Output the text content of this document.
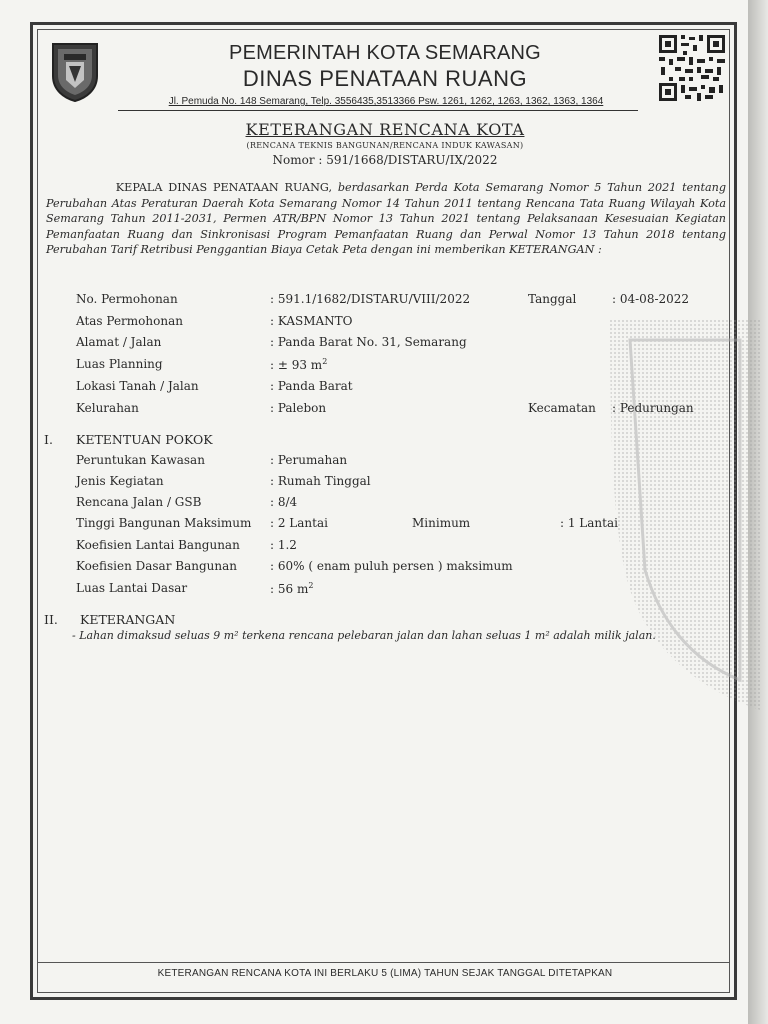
PEMERINTAH KOTA SEMARANG
DINAS PENATAAN RUANG
Jl. Pemuda No. 148 Semarang, Telp. 3556435,3513366 Psw. 1261, 1262, 1263, 1362, 1363, 1364
KETERANGAN RENCANA KOTA
(RENCANA TEKNIS BANGUNAN/RENCANA INDUK KAWASAN)
Nomor : 591/1668/DISTARU/IX/2022
KEPALA DINAS PENATAAN RUANG, berdasarkan Perda Kota Semarang Nomor 5 Tahun 2021 tentang Perubahan Atas Peraturan Daerah Kota Semarang Nomor 14 Tahun 2011 tentang Rencana Tata Ruang Wilayah Kota Semarang Tahun 2011-2031, Permen ATR/BPN Nomor 13 Tahun 2021 tentang Pelaksanaan Kesesuaian Kegiatan Pemanfaatan Ruang dan Sinkronisasi Program Pemanfaatan Ruang dan Perwal Nomor 13 Tahun 2018 tentang Perubahan Tarif Retribusi Penggantian Biaya Cetak Peta dengan ini memberikan KETERANGAN :
No. Permohonan	: 591.1/1682/DISTARU/VIII/2022	Tanggal	: 04-08-2022
Atas Permohonan	: KASMANTO
Alamat / Jalan	: Panda Barat No. 31, Semarang
Luas Planning	: ± 93 $m^2$
Lokasi Tanah / Jalan	: Panda Barat
Kelurahan	: Palebon	Kecamatan : Pedurungan
I. KETENTUAN POKOK
Peruntukan Kawasan	: Perumahan
Jenis Kegiatan	: Rumah Tinggal
Rencana Jalan / GSB	: 8/4
Tinggi Bangunan Maksimum : 2 Lantai	Minimum	: 1 Lantai
Koefisien Lantai Bangunan	: 1.2
Koefisien Dasar Bangunan	: 60% ( enam puluh persen ) maksimum
Luas Lantai Dasar	: 56 $m^2$
II. KETERANGAN
- Lahan dimaksud seluas 9 m² terkena rencana pelebaran jalan dan lahan seluas 1 m² adalah milik jalan.
KETERANGAN RENCANA KOTA INI BERLAKU 5 (LIMA) TAHUN SEJAK TANGGAL DITETAPKAN
